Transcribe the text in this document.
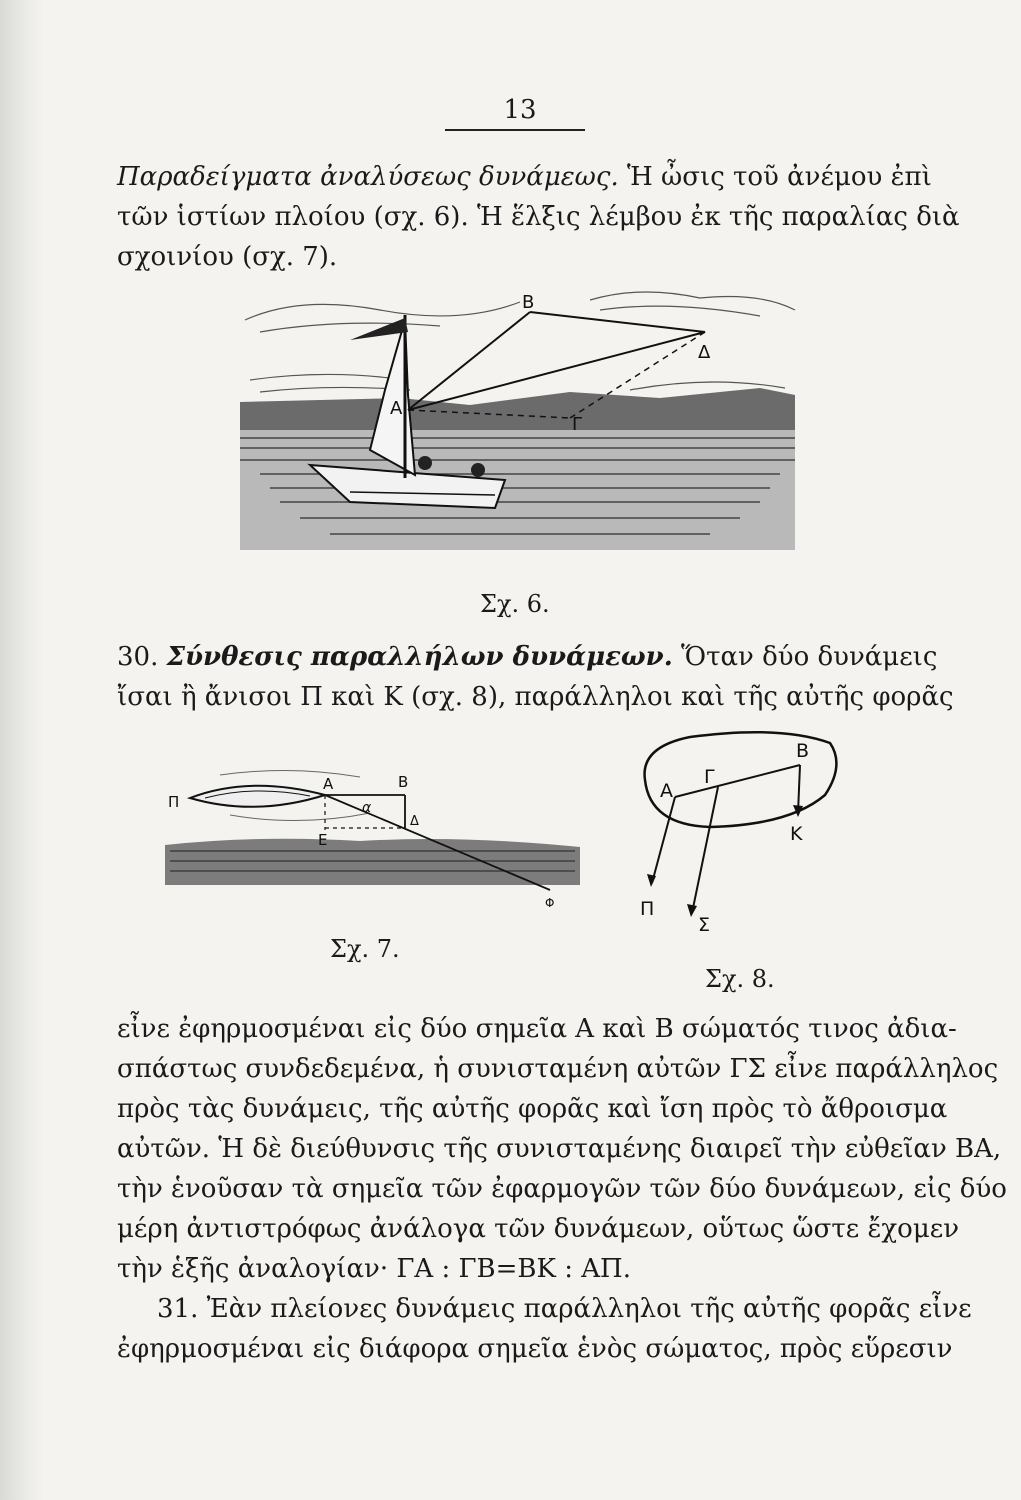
13
Παραδείγματα ἀναλύσεως δυνάμεως. Ἡ ὦσις τοῦ ἀνέμου ἐπὶ
τῶν ἱστίων πλοίου (σχ. 6). Ἡ ἕλξις λέμβου ἐκ τῆς παραλίας διὰ
σχοινίου (σχ. 7).
A
B
Γ
Δ
Σχ. 6.
30. Σύνθεσις παραλλήλων δυνάμεων. Ὅταν δύο δυνάμεις
ἴσαι ἢ ἄνισοι Π καὶ Κ (σχ. 8), παράλληλοι καὶ τῆς αὐτῆς φορᾶς
Π
A	B
α
Δ
E
Φ
Σχ. 7.
A
Γ
B
K
Π
Σ
Σχ. 8.
εἶνε ἐφηρμοσμέναι εἰς δύο σημεῖα A καὶ B σώματός τινος ἀδια-
σπάστως συνδεδεμένα, ἡ συνισταμένη αὐτῶν ΓΣ εἶνε παράλληλος
πρὸς τὰς δυνάμεις, τῆς αὐτῆς φορᾶς καὶ ἴση πρὸς τὸ ἄθροισμα
αὐτῶν. Ἡ δὲ διεύθυνσις τῆς συνισταμένης διαιρεῖ τὴν εὐθεῖαν BA,
τὴν ἑνοῦσαν τὰ σημεῖα τῶν ἐφαρμογῶν τῶν δύο δυνάμεων, εἰς δύο
μέρη ἀντιστρόφως ἀνάλογα τῶν δυνάμεων, οὕτως ὥστε ἔχομεν
τὴν ἑξῆς ἀναλογίαν· ΓA : ΓB=BK : AΠ.
31. Ἐὰν πλείονες δυνάμεις παράλληλοι τῆς αὐτῆς φορᾶς εἶνε
ἐφηρμοσμέναι εἰς διάφορα σημεῖα ἑνὸς σώματος, πρὸς εὕρεσιν
